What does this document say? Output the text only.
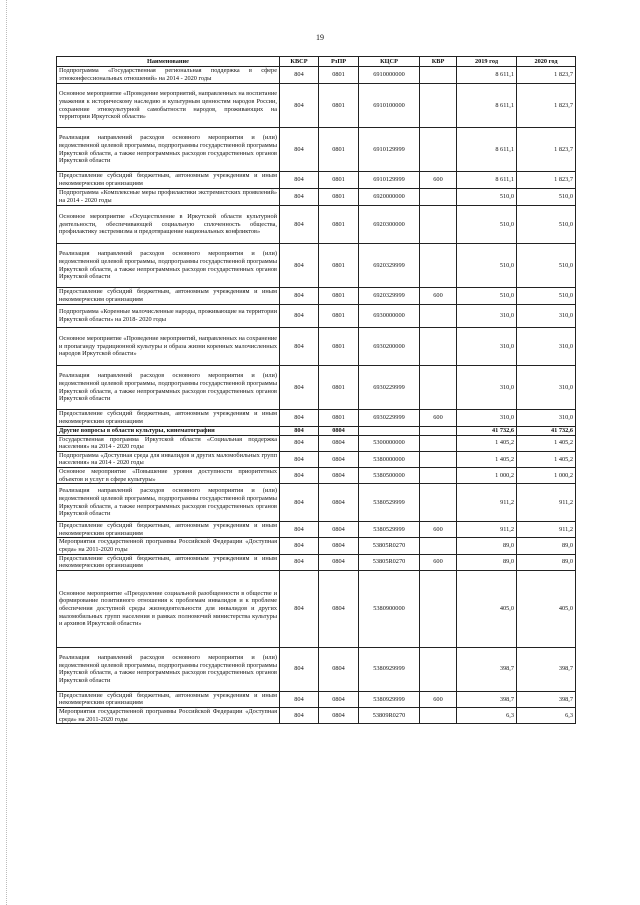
19
Наименование	КВСР	РзПР	КЦСР	КВР	2019 год	2020 год
Подпрограмма «Государственная региональная поддержка в сфере этноконфессиональных отношений» на 2014 - 2020 годы	804	0801	6910000000		8 611,1	1 823,7
Основное мероприятие «Проведение мероприятий, направленных на воспитание уважения к историческому наследию и культурным ценностям народов России, сохранение этнокультурной самобытности народов, проживающих на территории Иркутской области»	804	0801	6910100000		8 611,1	1 823,7
Реализация направлений расходов основного мероприятия и (или) ведомственной целевой программы, подпрограммы государственной программы Иркутской области, а также непрограммных расходов государственных органов Иркутской области	804	0801	6910129999		8 611,1	1 823,7
Предоставление субсидий бюджетным, автономным учреждениям и иным некоммерческим организациям	804	0801	6910129999	600	8 611,1	1 823,7
Подпрограмма «Комплексные меры профилактики экстремистских проявлений» на 2014 - 2020 годы	804	0801	6920000000		510,0	510,0
Основное мероприятие «Осуществление в Иркутской области культурной деятельности, обеспечивающей социальную сплоченность общества, профилактику экстремизма и предотвращение национальных конфликтов»	804	0801	6920300000		510,0	510,0
Реализация направлений расходов основного мероприятия и (или) ведомственной целевой программы, подпрограммы государственной программы Иркутской области, а также непрограммных расходов государственных органов Иркутской области	804	0801	6920329999		510,0	510,0
Предоставление субсидий бюджетным, автономным учреждениям и иным некоммерческим организациям	804	0801	6920329999	600	510,0	510,0
Подпрограмма «Коренные малочисленные народы, проживающие на территории Иркутской области» на 2018- 2020 годы	804	0801	6930000000		310,0	310,0
Основное мероприятие «Проведение мероприятий, направленных на сохранение и пропаганду традиционной культуры и образа жизни коренных малочисленных народов Иркутской области»	804	0801	6930200000		310,0	310,0
Реализация направлений расходов основного мероприятия и (или) ведомственной целевой программы, подпрограммы государственной программы Иркутской области, а также непрограммных расходов государственных органов Иркутской области	804	0801	6930229999		310,0	310,0
Предоставление субсидий бюджетным, автономным учреждениям и иным некоммерческим организациям	804	0801	6930229999	600	310,0	310,0
Другие вопросы в области культуры, кинематографии	804	0804			41 732,6	41 732,6
Государственная программа Иркутской области «Социальная поддержка населения» на 2014 - 2020 годы	804	0804	5300000000		1 405,2	1 405,2
Подпрограмма «Доступная среда для инвалидов и других маломобильных групп населения» на 2014 - 2020 годы	804	0804	5380000000		1 405,2	1 405,2
Основное мероприятие «Повышение уровня доступности приоритетных объектов и услуг в сфере культуры»	804	0804	5380500000		1 000,2	1 000,2
Реализация направлений расходов основного мероприятия и (или) ведомственной целевой программы, подпрограммы государственной программы Иркутской области, а также непрограммных расходов государственных органов Иркутской области	804	0804	5380529999		911,2	911,2
Предоставление субсидий бюджетным, автономным учреждениям и иным некоммерческим организациям	804	0804	5380529999	600	911,2	911,2
Мероприятия государственной программы Российской Федерации «Доступная среда» на 2011-2020 годы	804	0804	53805R0270		89,0	89,0
Предоставление субсидий бюджетным, автономным учреждениям и иным некоммерческим организациям	804	0804	53805R0270	600	89,0	89,0
Основное мероприятие «Преодоление социальной разобщенности в обществе и формирование позитивного отношения к проблемам инвалидов и к проблеме обеспечения доступной среды жизнедеятельности для инвалидов и других маломобильных групп населения в рамках полномочий министерства культуры и архивов Иркутской области»	804	0804	5380900000		405,0	405,0
Реализация направлений расходов основного мероприятия и (или) ведомственной целевой программы, подпрограммы государственной программы Иркутской области, а также непрограммных расходов государственных органов Иркутской области	804	0804	5380929999		398,7	398,7
Предоставление субсидий бюджетным, автономным учреждениям и иным некоммерческим организациям	804	0804	5380929999	600	398,7	398,7
Мероприятия государственной программы Российской Федерации «Доступная среда» на 2011-2020 годы	804	0804	53809R0270		6,3	6,3
